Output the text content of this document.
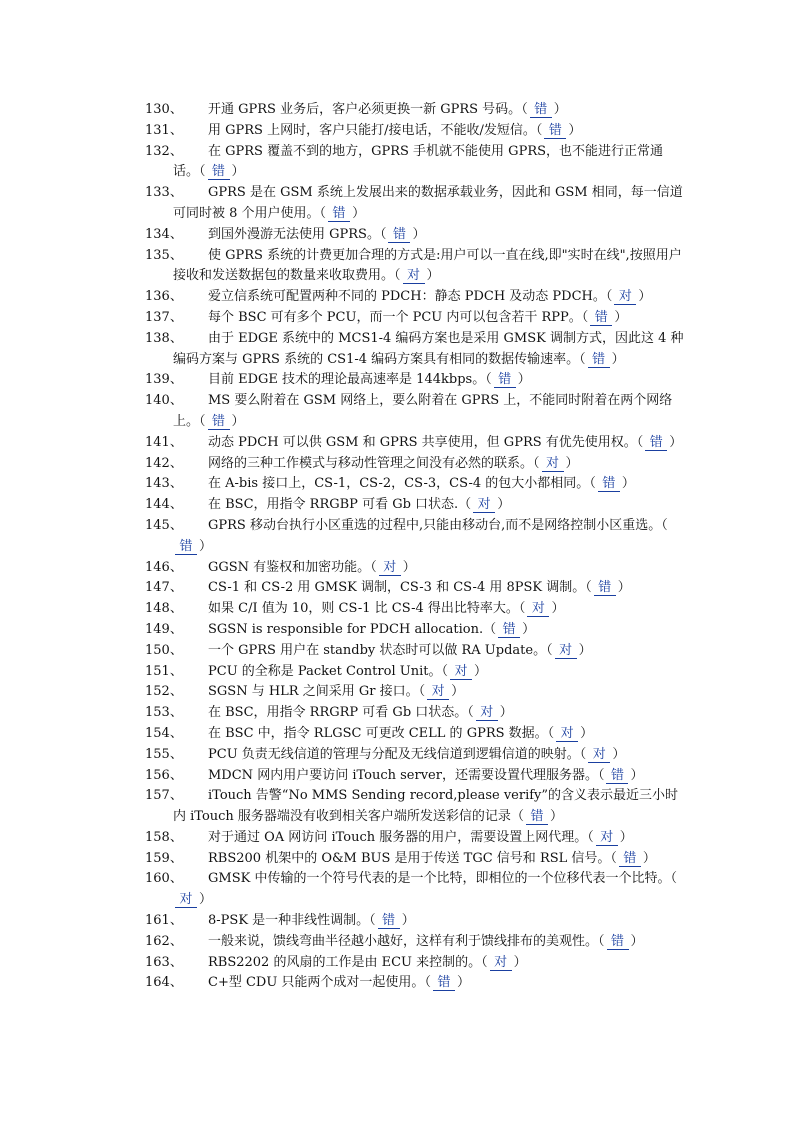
130、 开通 GPRS 业务后，客户必须更换一新 GPRS 号码。（ 错 ）
131、 用 GPRS 上网时，客户只能打/接电话，不能收/发短信。（ 错 ）
132、 在 GPRS 覆盖不到的地方，GPRS 手机就不能使用 GPRS，也不能进行正常通话。（ 错 ）
133、 GPRS 是在 GSM 系统上发展出来的数据承载业务，因此和 GSM 相同，每一信道可同时被 8 个用户使用。（ 错 ）
134、 到国外漫游无法使用 GPRS。（ 错 ）
135、 使 GPRS 系统的计费更加合理的方式是:用户可以一直在线,即"实时在线",按照用户接收和发送数据包的数量来收取费用。（ 对 ）
136、 爱立信系统可配置两种不同的 PDCH：静态 PDCH 及动态 PDCH。（ 对 ）
137、 每个 BSC 可有多个 PCU，而一个 PCU 内可以包含若干 RPP。（ 错 ）
138、 由于 EDGE 系统中的 MCS1-4 编码方案也是采用 GMSK 调制方式，因此这 4 种编码方案与 GPRS 系统的 CS1-4 编码方案具有相同的数据传输速率。（ 错 ）
139、 目前 EDGE 技术的理论最高速率是 144kbps。（ 错 ）
140、 MS 要么附着在 GSM 网络上，要么附着在 GPRS 上，不能同时附着在两个网络上。（ 错 ）
141、 动态 PDCH 可以供 GSM 和 GPRS 共享使用，但 GPRS 有优先使用权。（ 错 ）
142、 网络的三种工作模式与移动性管理之间没有必然的联系。（ 对 ）
143、 在 A-bis 接口上，CS-1，CS-2，CS-3，CS-4 的包大小都相同。（ 错 ）
144、 在 BSC，用指令 RRGBP 可看 Gb 口状态.（ 对 ）
145、 GPRS 移动台执行小区重选的过程中,只能由移动台,而不是网络控制小区重选。（错 ）
146、 GGSN 有鉴权和加密功能。（ 对 ）
147、 CS-1 和 CS-2 用 GMSK 调制，CS-3 和 CS-4 用 8PSK 调制。（ 错 ）
148、 如果 C/I 值为 10，则 CS-1 比 CS-4 得出比特率大。（ 对 ）
149、 SGSN is responsible for PDCH allocation.（ 错 ）
150、 一个 GPRS 用户在 standby 状态时可以做 RA Update。（ 对 ）
151、 PCU 的全称是 Packet Control Unit。（ 对 ）
152、 SGSN 与 HLR 之间采用 Gr 接口。（ 对 ）
153、 在 BSC，用指令 RRGRP 可看 Gb 口状态。（ 对 ）
154、 在 BSC 中，指令 RLGSC 可更改 CELL 的 GPRS 数据。（ 对 ）
155、 PCU 负责无线信道的管理与分配及无线信道到逻辑信道的映射。（ 对 ）
156、 MDCN 网内用户要访问 iTouch server，还需要设置代理服务器。（ 错 ）
157、 iTouch 告警“No MMS Sending record,please verify”的含义表示最近三小时内 iTouch 服务器端没有收到相关客户端所发送彩信的记录（ 错 ）
158、 对于通过 OA 网访问 iTouch 服务器的用户，需要设置上网代理。（ 对 ）
159、 RBS200 机架中的 O&M BUS 是用于传送 TGC 信号和 RSL 信号。（ 错 ）
160、 GMSK 中传输的一个符号代表的是一个比特，即相位的一个位移代表一个比特。（对 ）
161、 8-PSK 是一种非线性调制。（ 错 ）
162、 一般来说，馈线弯曲半径越小越好，这样有利于馈线排布的美观性。（ 错 ）
163、 RBS2202 的风扇的工作是由 ECU 来控制的。（ 对 ）
164、 C+型 CDU 只能两个成对一起使用。（ 错 ）
